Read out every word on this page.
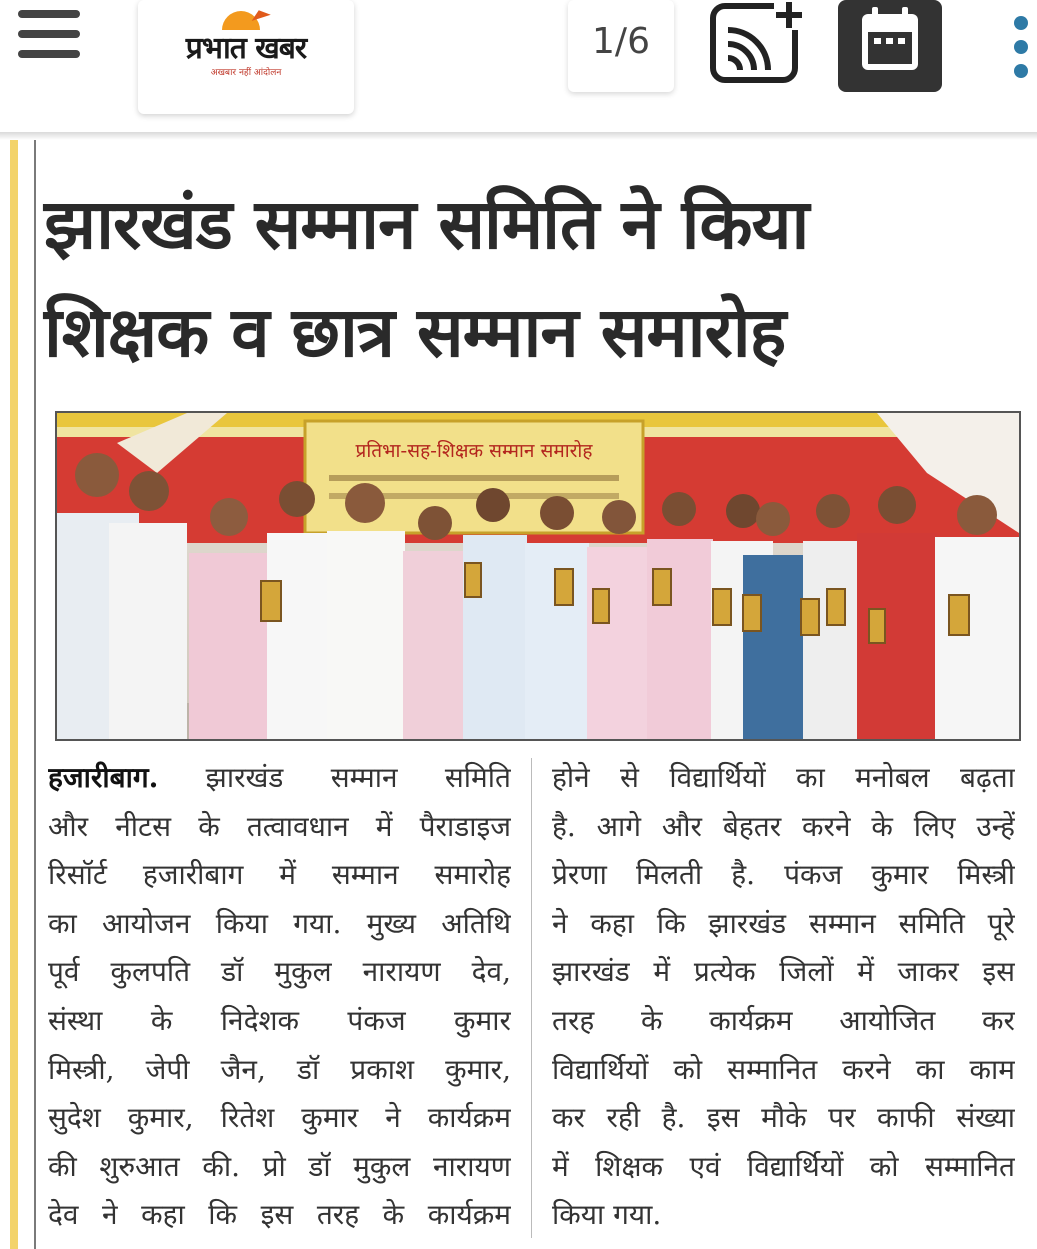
प्रभात खबर
अखबार नहीं आंदोलन
1/6
झारखंड सम्मान समिति ने किया
शिक्षक व छात्र सम्मान समारोह
प्रतिभा-सह-शिक्षक सम्मान समारोह

हजारीबाग. झारखंड सम्मान समिति

और नीटस के तत्वावधान में पैराडाइज

रिसॉर्ट हजारीबाग में सम्मान समारोह

का आयोजन किया गया. मुख्य अतिथि

पूर्व कुलपति डॉ मुकुल नारायण देव,

संस्था के निदेशक पंकज कुमार

मिस्त्री, जेपी जैन, डॉ प्रकाश कुमार,

सुदेश कुमार, रितेश कुमार ने कार्यक्रम

की शुरुआत की. प्रो डॉ मुकुल नारायण

देव ने कहा कि इस तरह के कार्यक्रम

होने से विद्यार्थियों का मनोबल बढ़ता

है. आगे और बेहतर करने के लिए उन्हें

प्रेरणा मिलती है. पंकज कुमार मिस्त्री

ने कहा कि झारखंड सम्मान समिति पूरे

झारखंड में प्रत्येक जिलों में जाकर इस

तरह के कार्यक्रम आयोजित कर

विद्यार्थियों को सम्मानित करने का काम

कर रही है. इस मौके पर काफी संख्या

में शिक्षक एवं विद्यार्थियों को सम्मानित

किया गया.
